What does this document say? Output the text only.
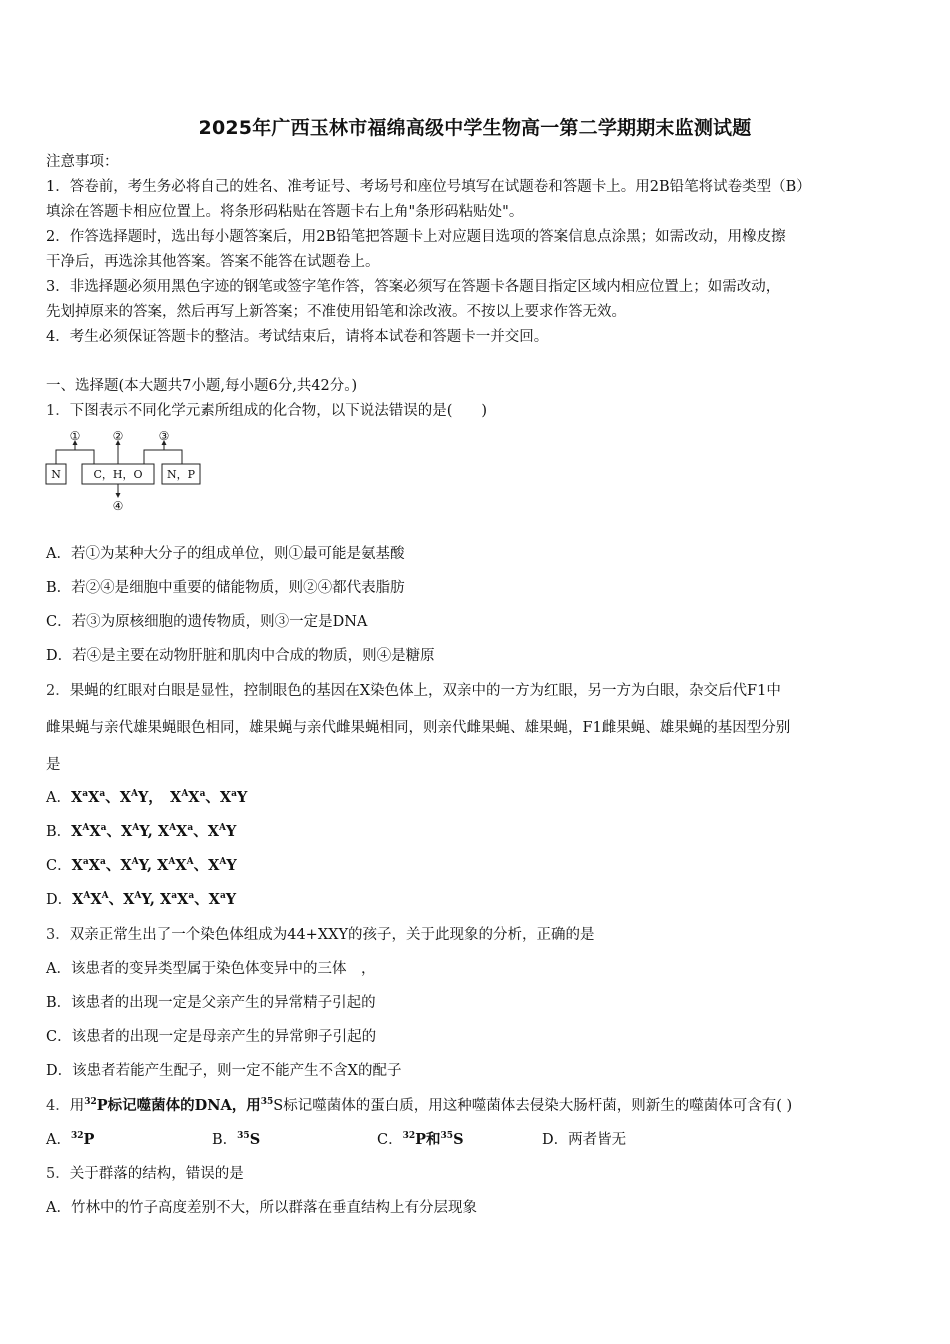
2025年广西玉林市福绵高级中学生物高一第二学期期末监测试题
注意事项：
1．答卷前，考生务必将自己的姓名、准考证号、考场号和座位号填写在试题卷和答题卡上。用2B铅笔将试卷类型（B）
填涂在答题卡相应位置上。将条形码粘贴在答题卡右上角"条形码粘贴处"。
2．作答选择题时，选出每小题答案后，用2B铅笔把答题卡上对应题目选项的答案信息点涂黑；如需改动，用橡皮擦
干净后，再选涂其他答案。答案不能答在试题卷上。
3．非选择题必须用黑色字迹的钢笔或签字笔作答，答案必须写在答题卡各题目指定区域内相应位置上；如需改动，
先划掉原来的答案，然后再写上新答案；不准使用铅笔和涂改液。不按以上要求作答无效。
4．考生必须保证答题卡的整洁。考试结束后，请将本试卷和答题卡一并交回。
一、选择题(本大题共7小题,每小题6分,共42分。)
1．下图表示不同化学元素所组成的化合物，以下说法错误的是(　　)
①	②	③
④
N	C，H，O N，P
A．若①为某种大分子的组成单位，则①最可能是氨基酸
B．若②④是细胞中重要的储能物质，则②④都代表脂肪
C．若③为原核细胞的遗传物质，则③一定是DNA
D．若④是主要在动物肝脏和肌肉中合成的物质，则④是糖原
2．果蝇的红眼对白眼是显性，控制眼色的基因在X染色体上，双亲中的一方为红眼，另一方为白眼，杂交后代F1中
雌果蝇与亲代雄果蝇眼色相同，雄果蝇与亲代雌果蝇相同，则亲代雌果蝇、雄果蝇，F1雌果蝇、雄果蝇的基因型分别
是
A．$X^aX^a$、$X^AY$，　$X^AX^a$、$X^aY$
B．$X^AX^a$、$X^AY$, $X^AX^a$、$X^AY$
C．$X^aX^a$、$X^AY$, $X^AX^A$、$X^AY$
D．$X^AX^A$、$X^AY$, $X^aX^a$、$X^aY$
3．双亲正常生出了一个染色体组成为44+XXY的孩子，关于此现象的分析，正确的是
A．该患者的变异类型属于染色体变异中的三体　，
B．该患者的出现一定是父亲产生的异常精子引起的
C．该患者的出现一定是母亲产生的异常卵子引起的
D．该患者若能产生配子，则一定不能产生不含X的配子
4．用$^{32}$P标记噬菌体的DNA，用$^{35}$S标记噬菌体的蛋白质，用这种噬菌体去侵染大肠杆菌，则新生的噬菌体可含有( )
A．$^{32}$P	B．$^{35}$S	C．$^{32}$P和$^{35}$S	D．两者皆无
5．关于群落的结构，错误的是
A．竹林中的竹子高度差别不大，所以群落在垂直结构上有分层现象
